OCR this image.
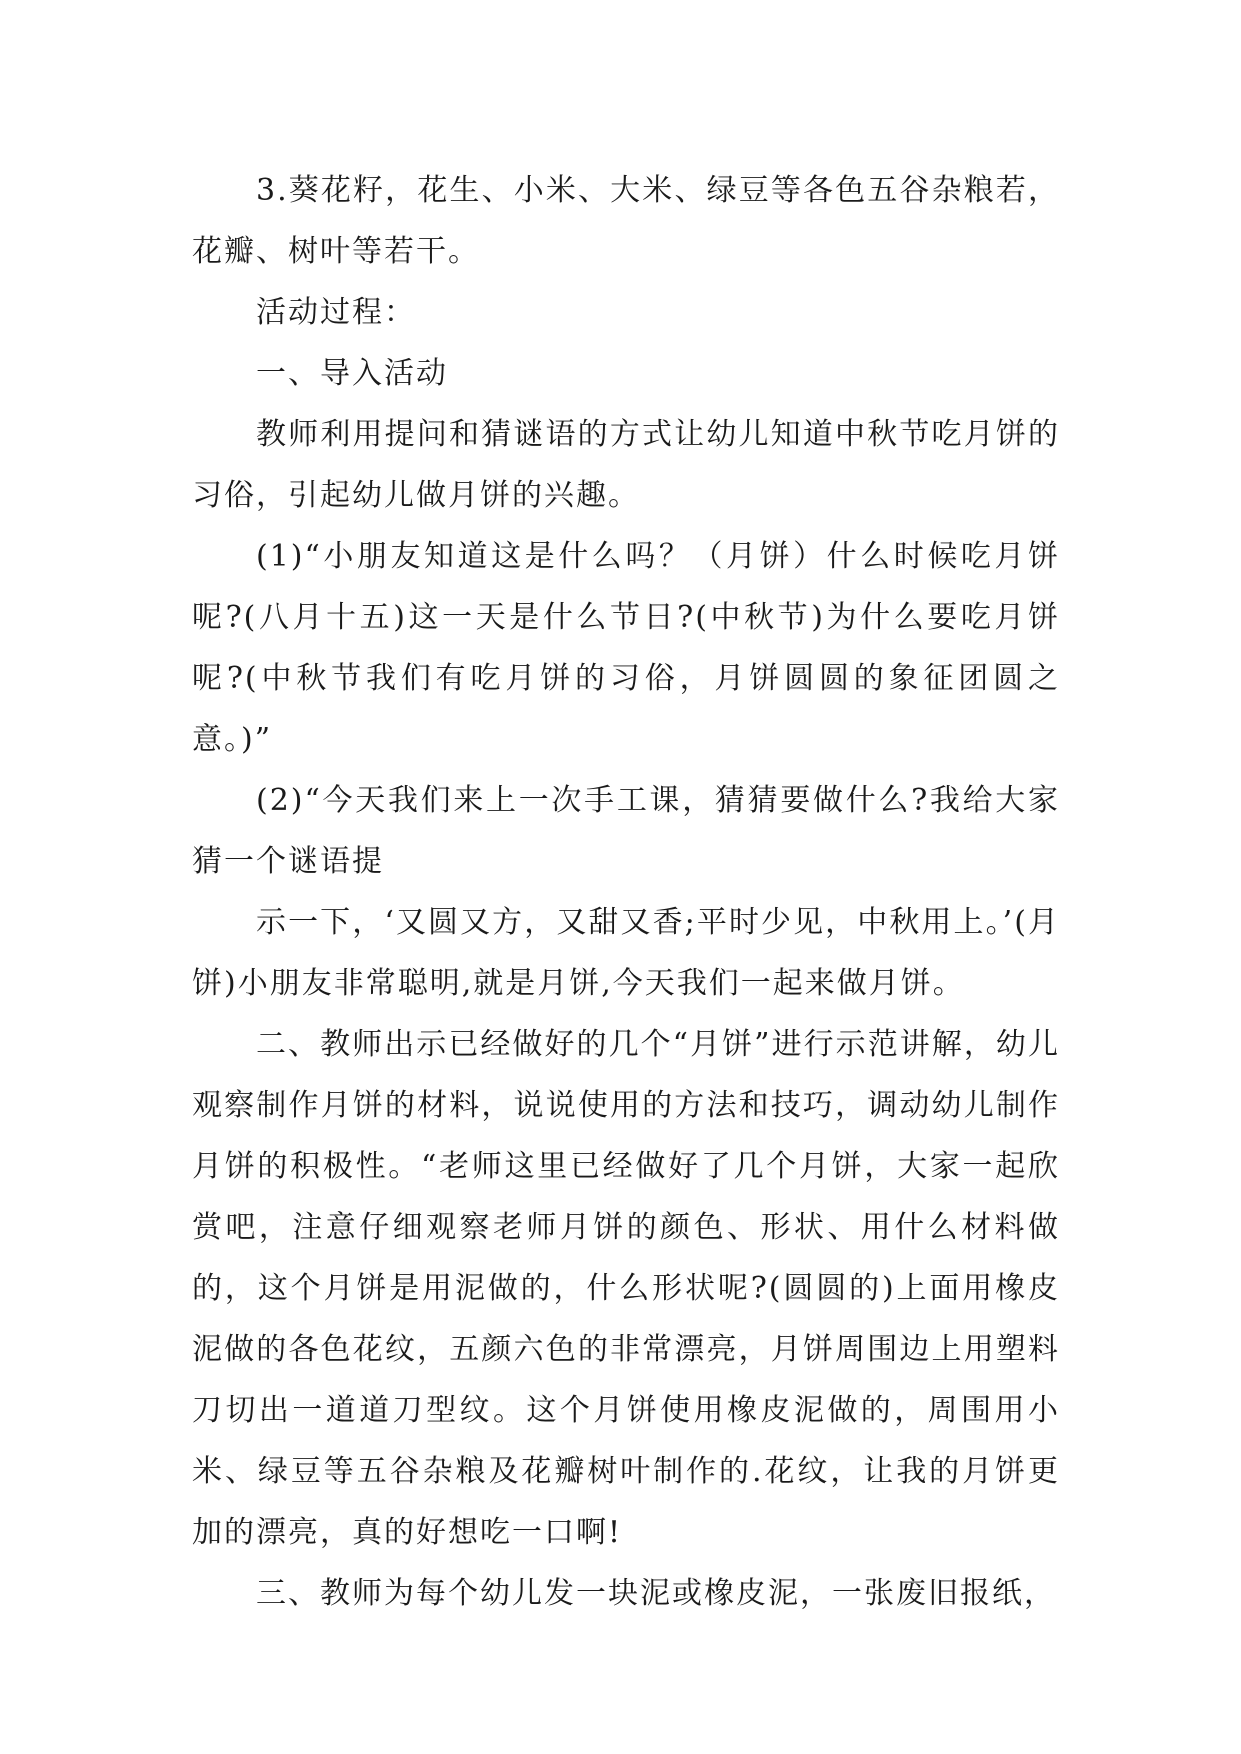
3.葵花籽，花生、小米、大米、绿豆等各色五谷杂粮若，花瓣、树叶等若干。

活动过程：

一、导入活动

教师利用提问和猜谜语的方式让幼儿知道中秋节吃月饼的习俗，引起幼儿做月饼的兴趣。

(1)“小朋友知道这是什么吗？（月饼）什么时候吃月饼呢?(八月十五)这一天是什么节日?(中秋节)为什么要吃月饼呢?(中秋节我们有吃月饼的习俗，月饼圆圆的象征团圆之意。)”

(2)“今天我们来上一次手工课，猜猜要做什么?我给大家猜一个谜语提

示一下，‘又圆又方，又甜又香;平时少见，中秋用上。’(月饼)小朋友非常聪明,就是月饼,今天我们一起来做月饼。

二、教师出示已经做好的几个“月饼”进行示范讲解，幼儿观察制作月饼的材料，说说使用的方法和技巧，调动幼儿制作月饼的积极性。“老师这里已经做好了几个月饼，大家一起欣赏吧，注意仔细观察老师月饼的颜色、形状、用什么材料做的，这个月饼是用泥做的，什么形状呢?(圆圆的)上面用橡皮泥做的各色花纹，五颜六色的非常漂亮，月饼周围边上用塑料刀切出一道道刀型纹。这个月饼使用橡皮泥做的，周围用小米、绿豆等五谷杂粮及花瓣树叶制作的.花纹，让我的月饼更加的漂亮，真的好想吃一口啊!

三、教师为每个幼儿发一块泥或橡皮泥，一张废旧报纸，
